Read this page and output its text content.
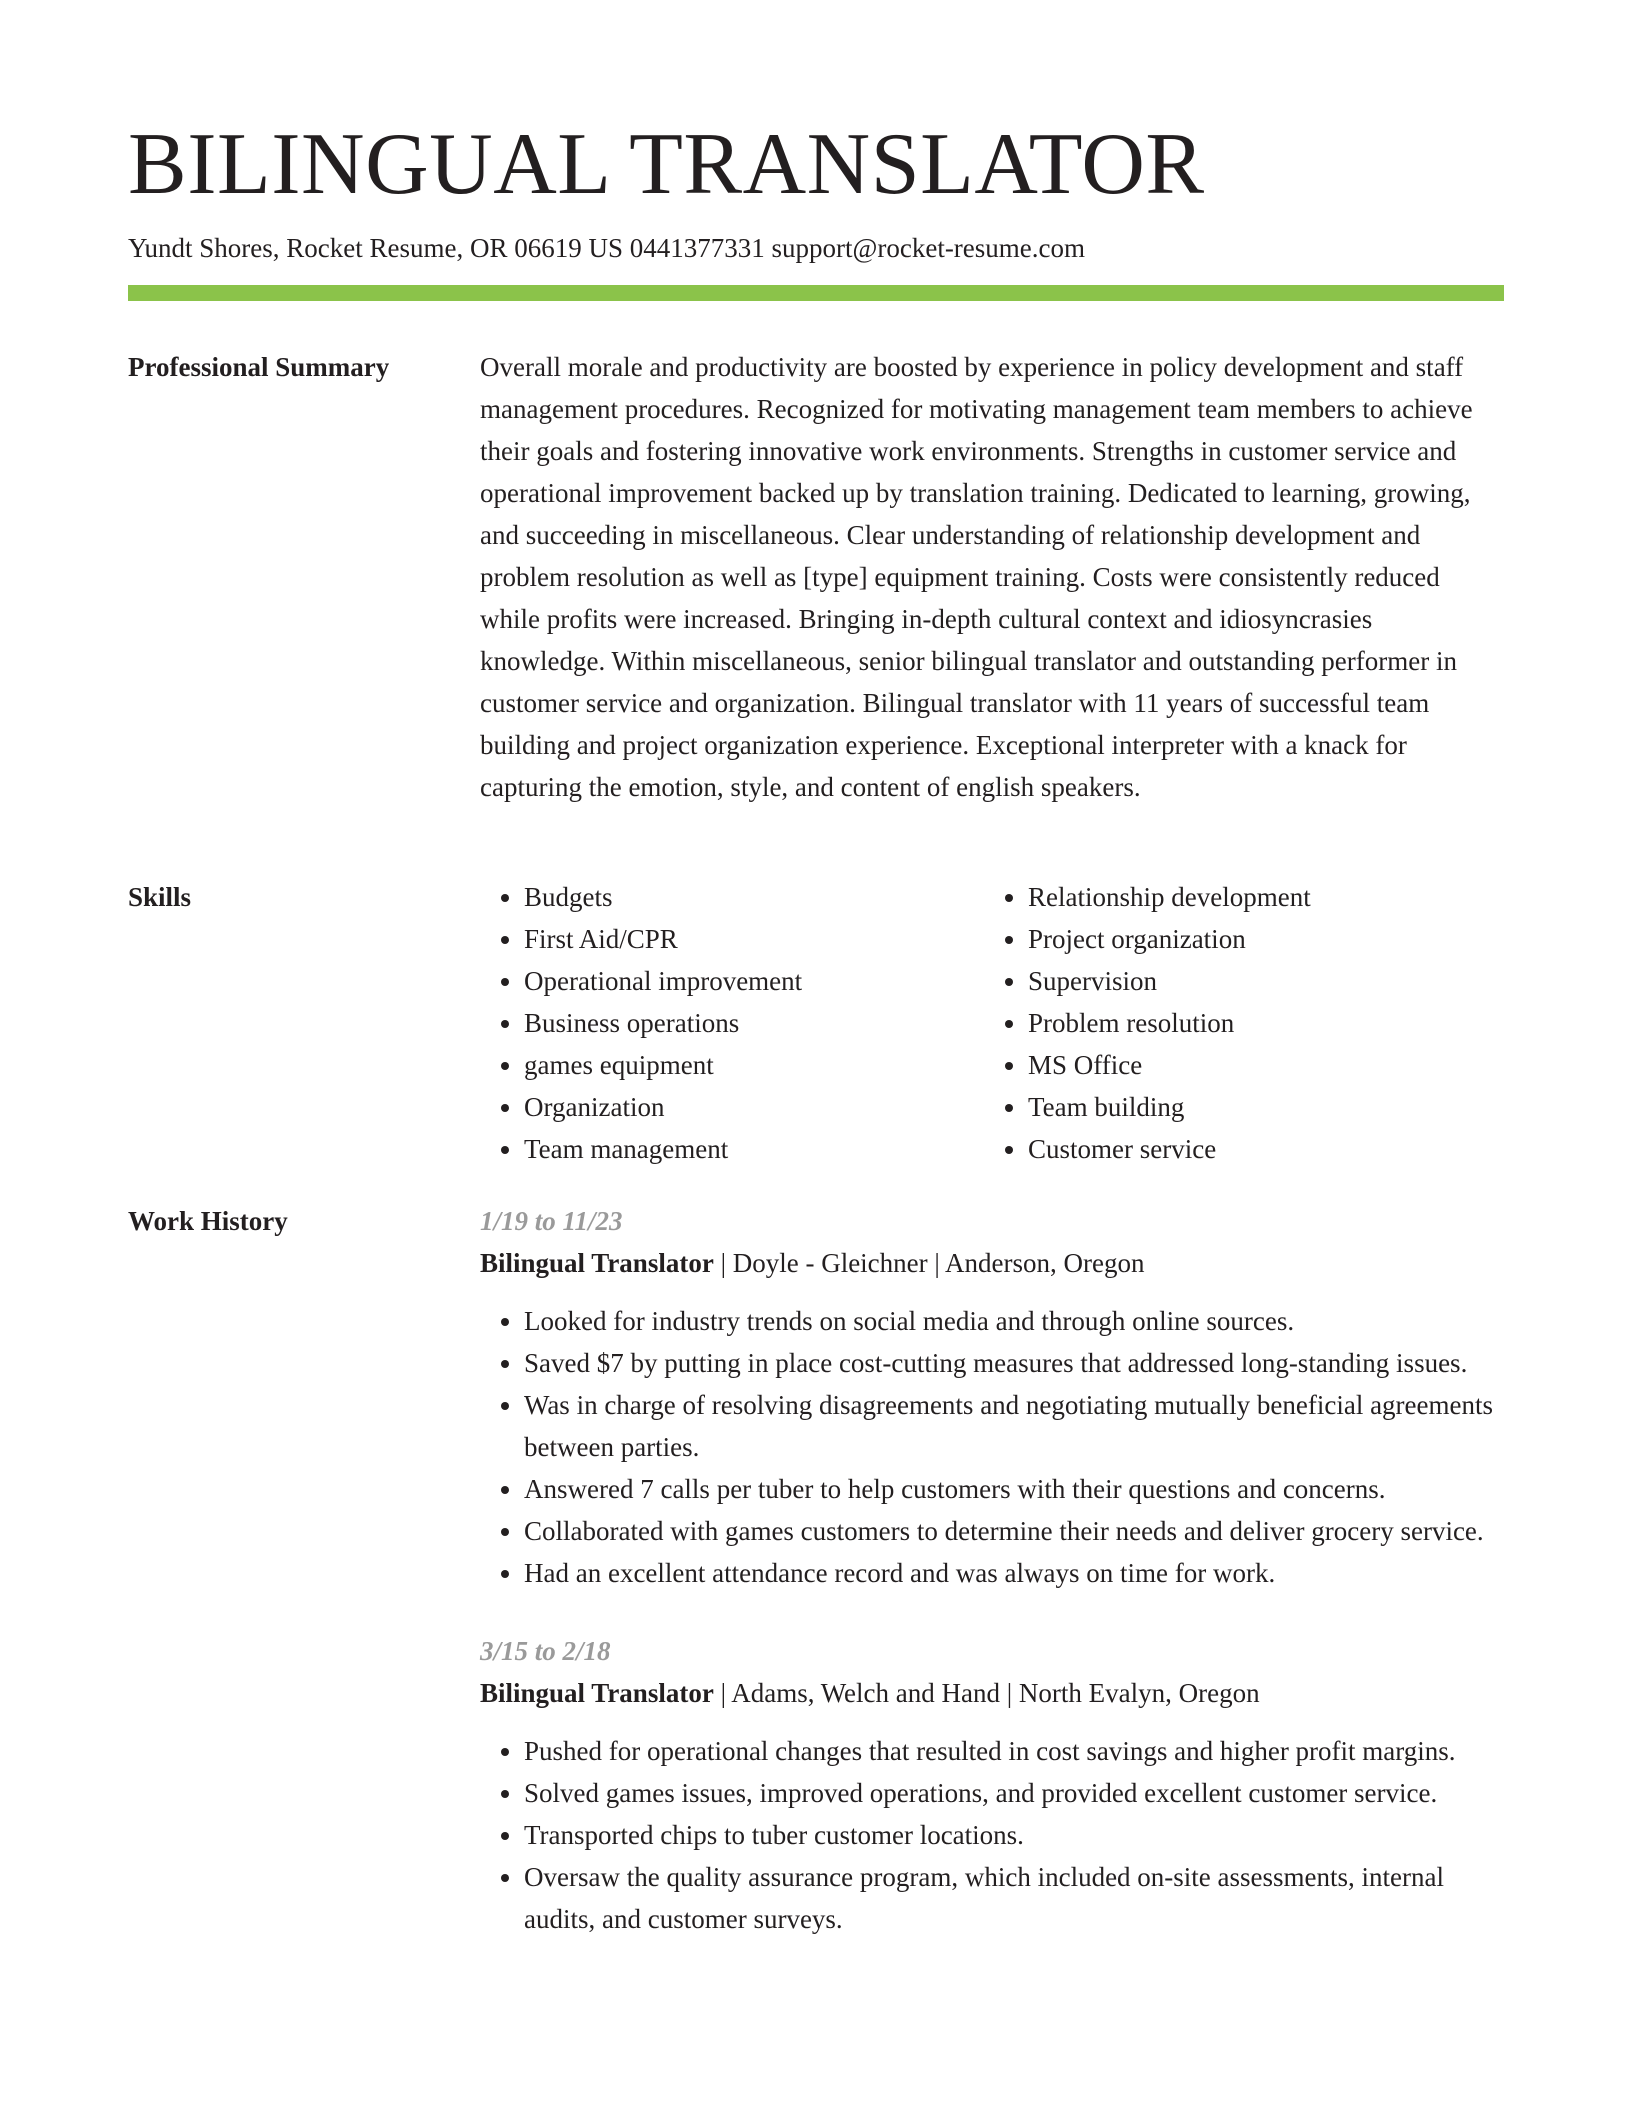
BILINGUAL TRANSLATOR
Yundt Shores, Rocket Resume, OR 06619 US 0441377331 support@rocket-resume.com
Professional Summary	Overall morale and productivity are boosted by experience in policy development and staff management procedures. Recognized for motivating management team members to achieve their goals and fostering innovative work environments. Strengths in customer service and operational improvement backed up by translation training. Dedicated to learning, growing, and succeeding in miscellaneous. Clear understanding of relationship development and problem resolution as well as [type] equipment training. Costs were consistently reduced while profits were increased. Bringing in-depth cultural context and idiosyncrasies knowledge. Within miscellaneous, senior bilingual translator and outstanding performer in customer service and organization. Bilingual translator with 11 years of successful team building and project organization experience. Exceptional interpreter with a knack for capturing the emotion, style, and content of english speakers.

Skills
•	Budgets
• First Aid/CPR
• Operational improvement
• Business operations
• games equipment
• Organization
• Team management
• Relationship development
• Project organization
• Supervision
• Problem resolution
• MS Office
• Team building
• Customer service
Work History	1/19 to 11/23
Bilingual Translator | Doyle - Gleichner | Anderson, Oregon
• Looked for industry trends on social media and through online sources.
• Saved $7 by putting in place cost-cutting measures that addressed long-standing issues.
• Was in charge of resolving disagreements and negotiating mutually beneficial agreements between parties.
• Answered 7 calls per tuber to help customers with their questions and concerns.
• Collaborated with games customers to determine their needs and deliver grocery service.
• Had an excellent attendance record and was always on time for work.
3/15 to 2/18
Bilingual Translator | Adams, Welch and Hand | North Evalyn, Oregon
• Pushed for operational changes that resulted in cost savings and higher profit margins.
• Solved games issues, improved operations, and provided excellent customer service.
• Transported chips to tuber customer locations.
• Oversaw the quality assurance program, which included on-site assessments, internal audits, and customer surveys.
